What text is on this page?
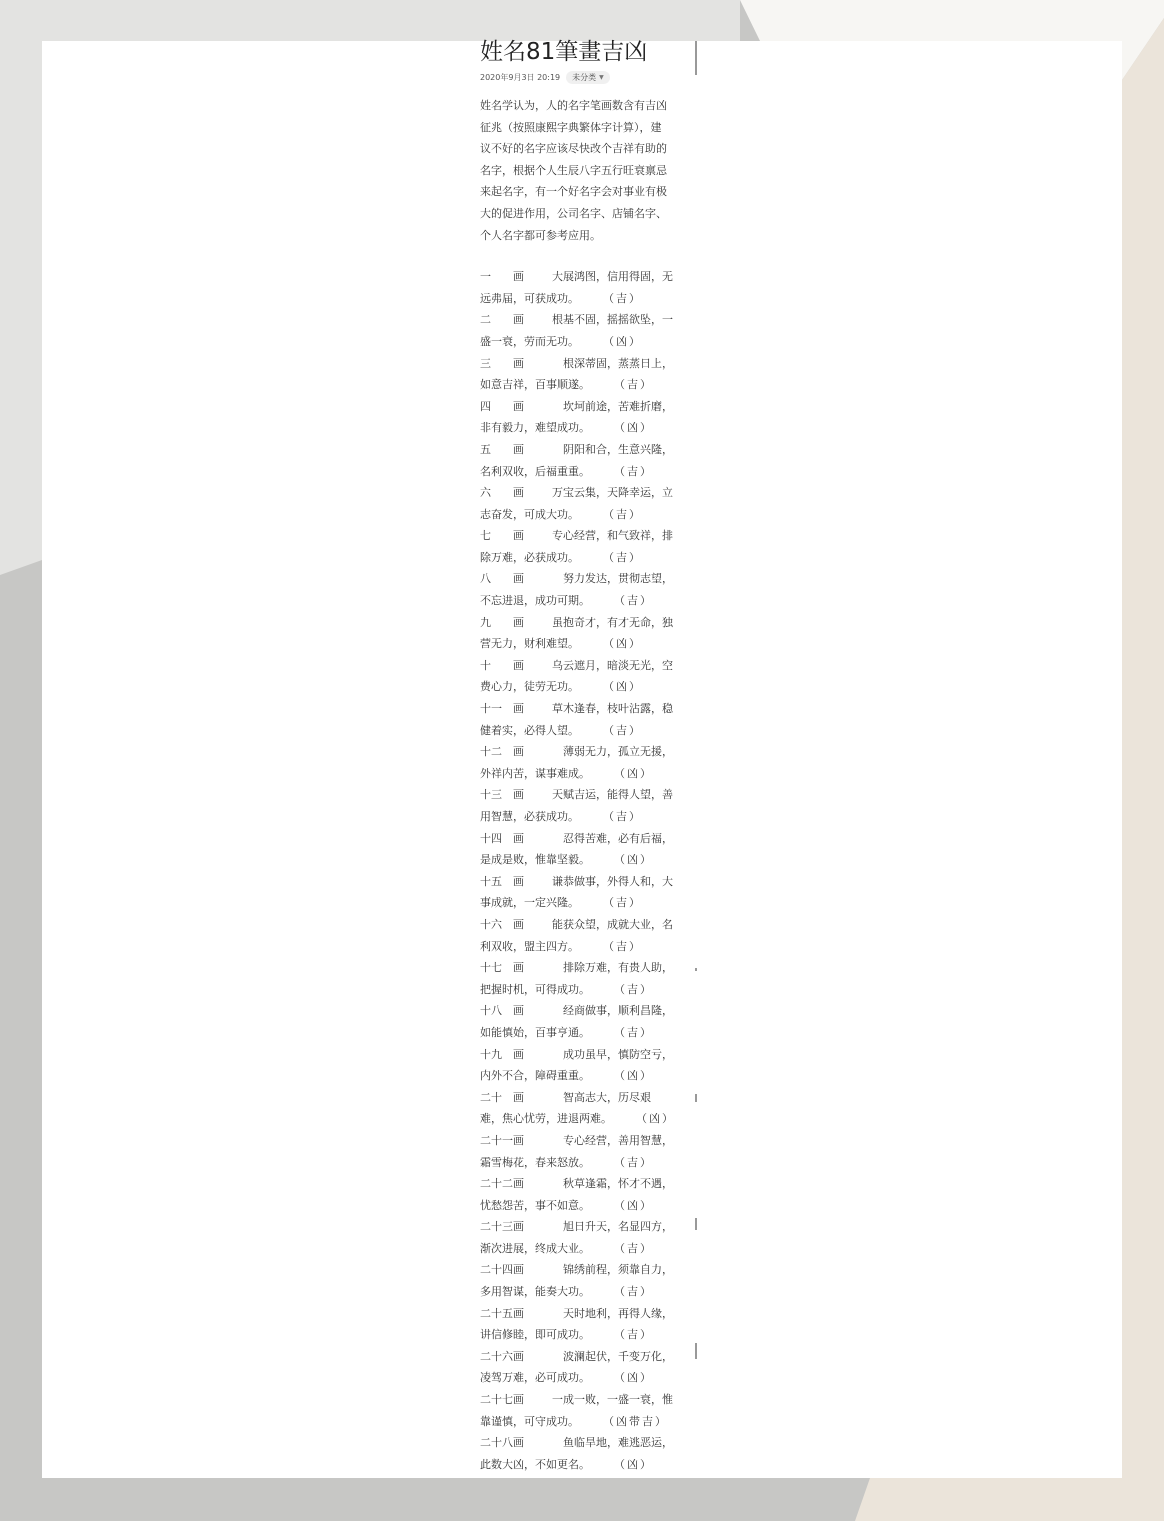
姓名81筆畫吉凶
2020年9月3日 20:19 未分类 ▼
姓名学认为，人的名字笔画数含有吉凶
征兆（按照康熙字典繁体字计算），建
议不好的名字应该尽快改个吉祥有助的
名字，根据个人生辰八字五行旺衰禀忌
来起名字，有一个好名字会对事业有极
大的促进作用，公司名字、店铺名字、
个人名字都可参考应用。
一　　画	大展鸿图，信用得固，无
远弗届，可获成功。 （吉）
二　　画	根基不固，摇摇欲坠，一
盛一衰，劳而无功。 （凶）
三　　画	根深蒂固，蒸蒸日上，
如意吉祥，百事顺遂。 （吉）
四　　画	坎坷前途，苦难折磨，
非有毅力，难望成功。 （凶）
五　　画	阴阳和合，生意兴隆，
名利双收，后福重重。 （吉）
六　　画	万宝云集，天降幸运，立
志奋发，可成大功。 （吉）
七　　画	专心经营，和气致祥，排
除万难，必获成功。 （吉）
八　　画	努力发达，贯彻志望，
不忘进退，成功可期。 （吉）
九　　画	虽抱奇才，有才无命，独
营无力，财利难望。 （凶）
十　　画	乌云遮月，暗淡无光，空
费心力，徒劳无功。 （凶）
十一　画	草木逢春，枝叶沾露，稳
健着实，必得人望。 （吉）
十二　画	薄弱无力，孤立无援，
外祥内苦，谋事难成。 （凶）
十三　画	天赋吉运，能得人望，善
用智慧，必获成功。 （吉）
十四　画	忍得苦难，必有后福，
是成是败，惟靠坚毅。 （凶）
十五　画	谦恭做事，外得人和，大
事成就，一定兴隆。 （吉）
十六　画	能获众望，成就大业，名
利双收，盟主四方。 （吉）
十七　画	排除万难，有贵人助，
把握时机，可得成功。 （吉）
十八　画	经商做事，顺利昌隆，
如能慎始，百事亨通。 （吉）
十九　画	成功虽早，慎防空亏，
内外不合，障碍重重。 （凶）
二十　画	智高志大，历尽艰
难，焦心忧劳，进退两难。 （凶）
二十一画	专心经营，善用智慧，
霜雪梅花，春来怒放。 （吉）
二十二画	秋草逢霜，怀才不遇，
忧愁怨苦，事不如意。 （凶）
二十三画	旭日升天，名显四方，
渐次进展，终成大业。 （吉）
二十四画	锦绣前程，须靠自力，
多用智谋，能奏大功。 （吉）
二十五画	天时地利，再得人缘，
讲信修睦，即可成功。 （吉）
二十六画	波澜起伏，千变万化，
凌驾万难，必可成功。 （凶）
二十七画	一成一败，一盛一衰，惟
靠谨慎，可守成功。 （凶带吉）
二十八画	鱼临旱地，难逃恶运，
此数大凶，不如更名。 （凶）
